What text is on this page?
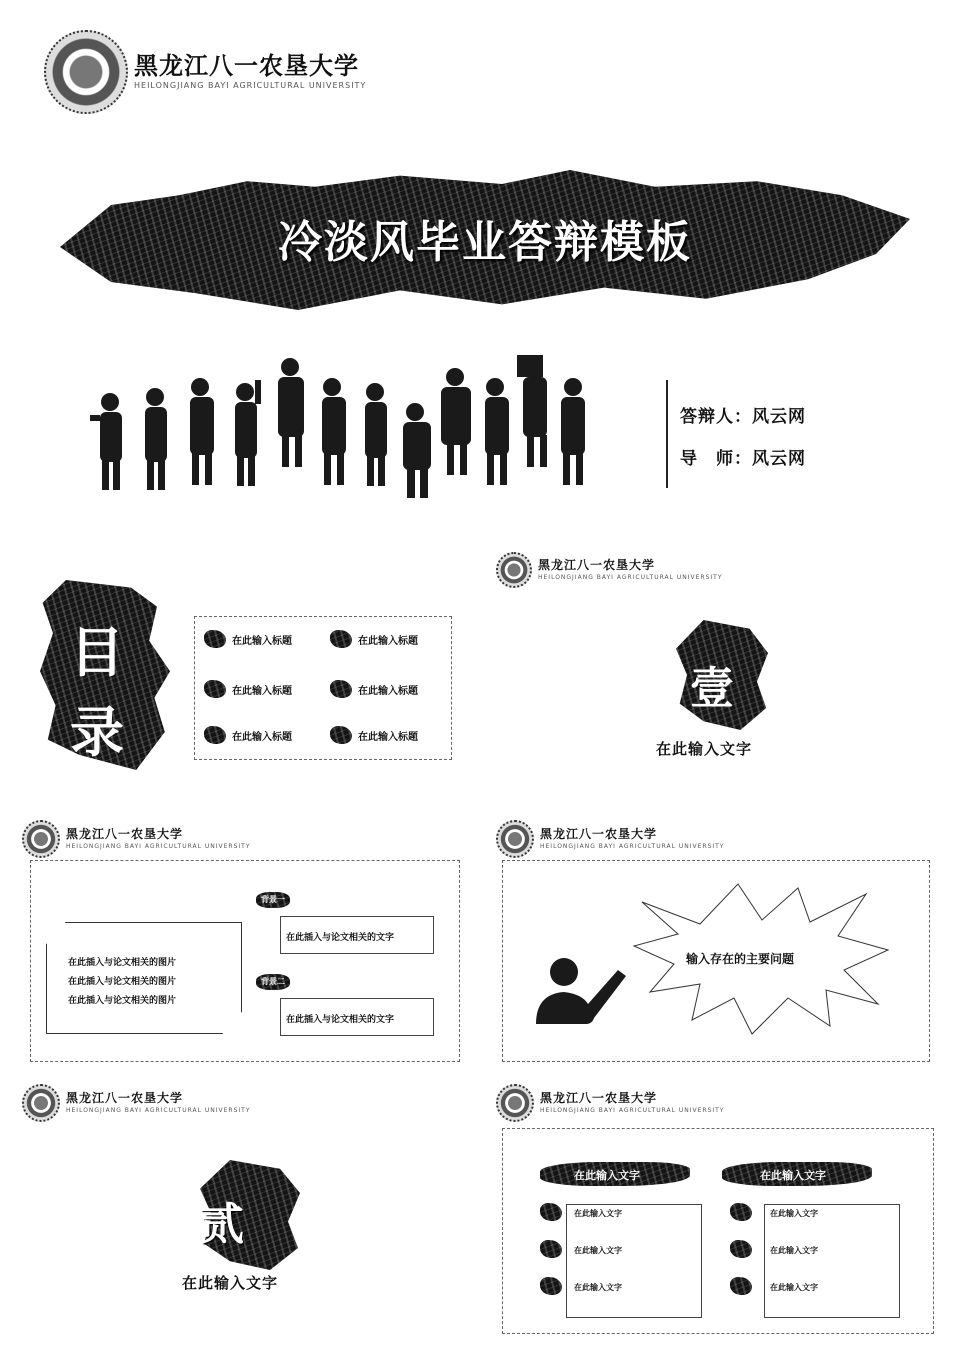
黑龙江八一农垦大学
HEILONGJIANG BAYI AGRICULTURAL UNIVERSITY
冷淡风毕业答辩模板
答辩人：风云网
导　师：风云网
目
录
在此输入标题	在此输入标题
在此输入标题	在此输入标题
在此输入标题	在此输入标题
黑龙江八一农垦大学
HEILONGJIANG BAYI AGRICULTURAL UNIVERSITY
壹
在此输入文字
黑龙江八一农垦大学
HEILONGJIANG BAYI AGRICULTURAL UNIVERSITY
在此插入与论文相关的图片
在此插入与论文相关的图片
在此插入与论文相关的图片
背景一
在此插入与论文相关的文字
背景二
在此插入与论文相关的文字
黑龙江八一农垦大学
HEILONGJIANG BAYI AGRICULTURAL UNIVERSITY
输入存在的主要问题
黑龙江八一农垦大学
HEILONGJIANG BAYI AGRICULTURAL UNIVERSITY
贰
在此输入文字
黑龙江八一农垦大学
HEILONGJIANG BAYI AGRICULTURAL UNIVERSITY
在此输入文字
在此输入文字
在此输入文字
在此输入文字
在此输入文字
在此输入文字
在此输入文字
在此输入文字
